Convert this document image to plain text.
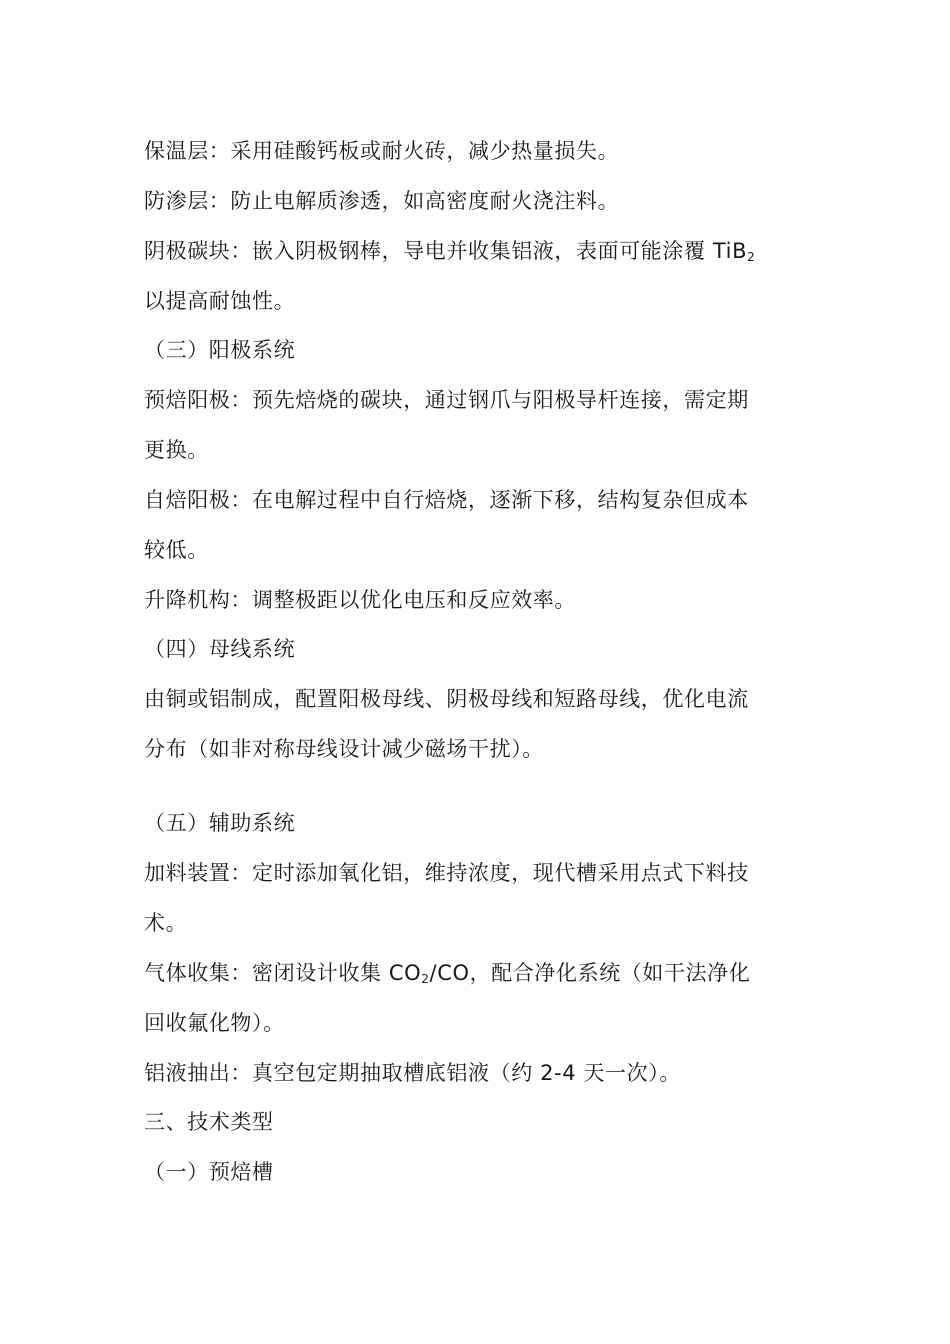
保温层：采用硅酸钙板或耐火砖，减少热量损失。
防渗层：防止电解质渗透，如高密度耐火浇注料。
阴极碳块：嵌入阴极钢棒，导电并收集铝液，表面可能涂覆 TiB$_2$
以提高耐蚀性。
（三）阳极系统
预焙阳极：预先焙烧的碳块，通过钢爪与阳极导杆连接，需定期
更换。
自焙阳极：在电解过程中自行焙烧，逐渐下移，结构复杂但成本
较低。
升降机构：调整极距以优化电压和反应效率。
（四）母线系统
由铜或铝制成，配置阳极母线、阴极母线和短路母线，优化电流
分布（如非对称母线设计减少磁场干扰）。
（五）辅助系统
加料装置：定时添加氧化铝，维持浓度，现代槽采用点式下料技
术。
气体收集：密闭设计收集 $CO_2/CO$，配合净化系统（如干法净化
回收氟化物）。
铝液抽出：真空包定期抽取槽底铝液（约 2-4 天一次）。
三、技术类型
（一）预焙槽
